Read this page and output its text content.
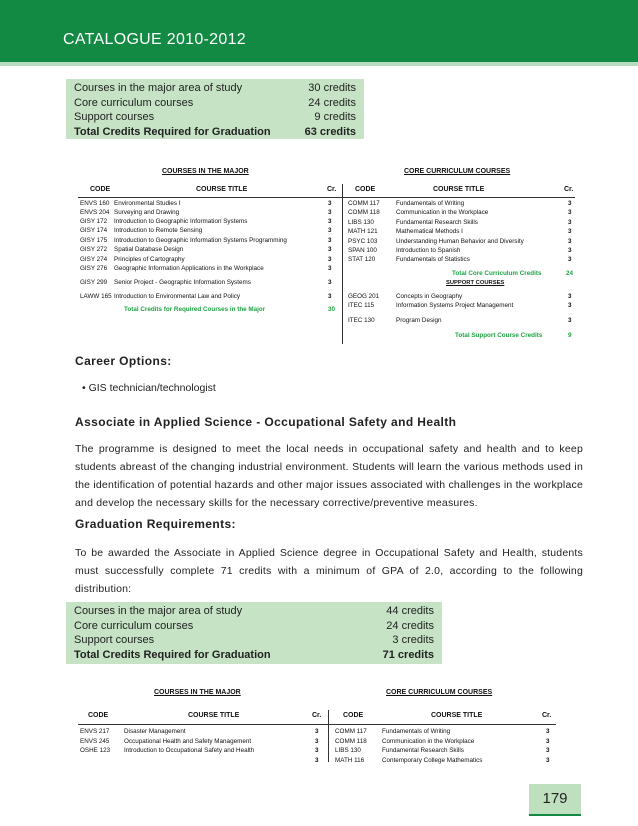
CATALOGUE 2010-2012
Courses in the major area of study	30 credits
Core curriculum courses	24 credits
Support courses	9 credits
Total Credits Required for Graduation	63 credits
COURSES IN THE MAJOR	CORE CURRICULUM COURSES
CODE	COURSE TITLE	Cr.	CODE	COURSE TITLE	Cr.
ENVS 160 Environmental Studies I	3
ENVS 204 Surveying and Drawing	3
GISY 172 Introduction to Geographic Information Systems	3
GISY 174 Introduction to Remote Sensing	3
GISY 175 Introduction to Geographic Information Systems Programming	3
GISY 272 Spatial Database Design	3
GISY 274 Principles of Cartography	3
GISY 276 Geographic Information Applications in the Workplace	3
GISY 299 Senior Project - Geographic Information Systems	3
LAWW 165 Introduction to Environmental Law and Policy	3
Total Credits for Required Courses in the Major	30
COMM 117	Fundamentals of Writing	3
COMM 118	Communication in the Workplace	3
LIBS 130	Fundamental Research Skills	3
MATH 121	Mathematical Methods I	3
PSYC 103	Understanding Human Behavior and Diversity	3
SPAN 100	Introduction to Spanish	3
STAT 120	Fundamentals of Statistics	3
Total Core Curriculum Credits	24
SUPPORT COURSES
GEOG 201	Concepts in Geography	3
ITEC 115	Information Systems Project Management	3
ITEC 130	Program Design	3
Total Support Course Credits	9
Career Options:
• GIS technician/technologist
Associate in Applied Science - Occupational Safety and Health
The programme is designed to meet the local needs in occupational safety and health and to keep students abreast of the changing industrial environment. Students will learn the various methods used in the identification of potential hazards and other major issues associated with challenges in the workplace and develop the necessary skills for the necessary corrective/preventive measures.
Graduation Requirements:
To be awarded the Associate in Applied Science degree in Occupational Safety and Health, students must successfully complete 71 credits with a minimum of GPA of 2.0, according to the following distribution:
Courses in the major area of study	44 credits
Core curriculum courses	24 credits
Support courses	3 credits
Total Credits Required for Graduation	71 credits
COURSES IN THE MAJOR	CORE CURRICULUM COURSES
CODE	COURSE TITLE	Cr.	CODE	COURSE TITLE	Cr.
ENVS 217 Disaster Management	3
ENVS 245 Occupational Health and Safety Management	3
OSHE 123 Introduction to Occupational Safety and Health	3
3
COMM 117 Fundamentals of Writing	3
COMM 118 Communication in the Workplace	3
LIBS 130	Fundamental Research Skills	3
MATH 116	Contemporary College Mathematics	3
179
